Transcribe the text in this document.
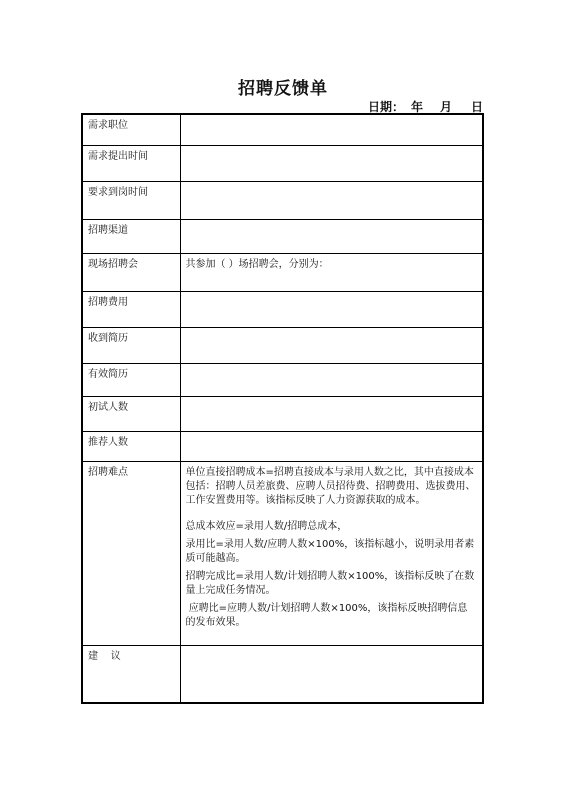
招聘反馈单
日期： 年 月 日
需求职位	
需求提出时间	
要求到岗时间	
招聘渠道	
现场招聘会	共参加（ ）场招聘会，分别为：
招聘费用	
收到简历	
有效简历	
初试人数	
推荐人数	
招聘难点	单位直接招聘成本=招聘直接成本与录用人数之比，其中直接成本包括：招聘人员差旅费、应聘人员招待费、招聘费用、选拔费用、工作安置费用等。该指标反映了人力资源获取的成本。

总成本效应=录用人数/招聘总成本，

录用比=录用人数/应聘人数×100%，该指标越小，说明录用者素质可能越高。

招聘完成比=录用人数/计划招聘人数×100%，该指标反映了在数量上完成任务情况。

应聘比=应聘人数/计划招聘人数×100%，该指标反映招聘信息的发布效果。

建    议	
